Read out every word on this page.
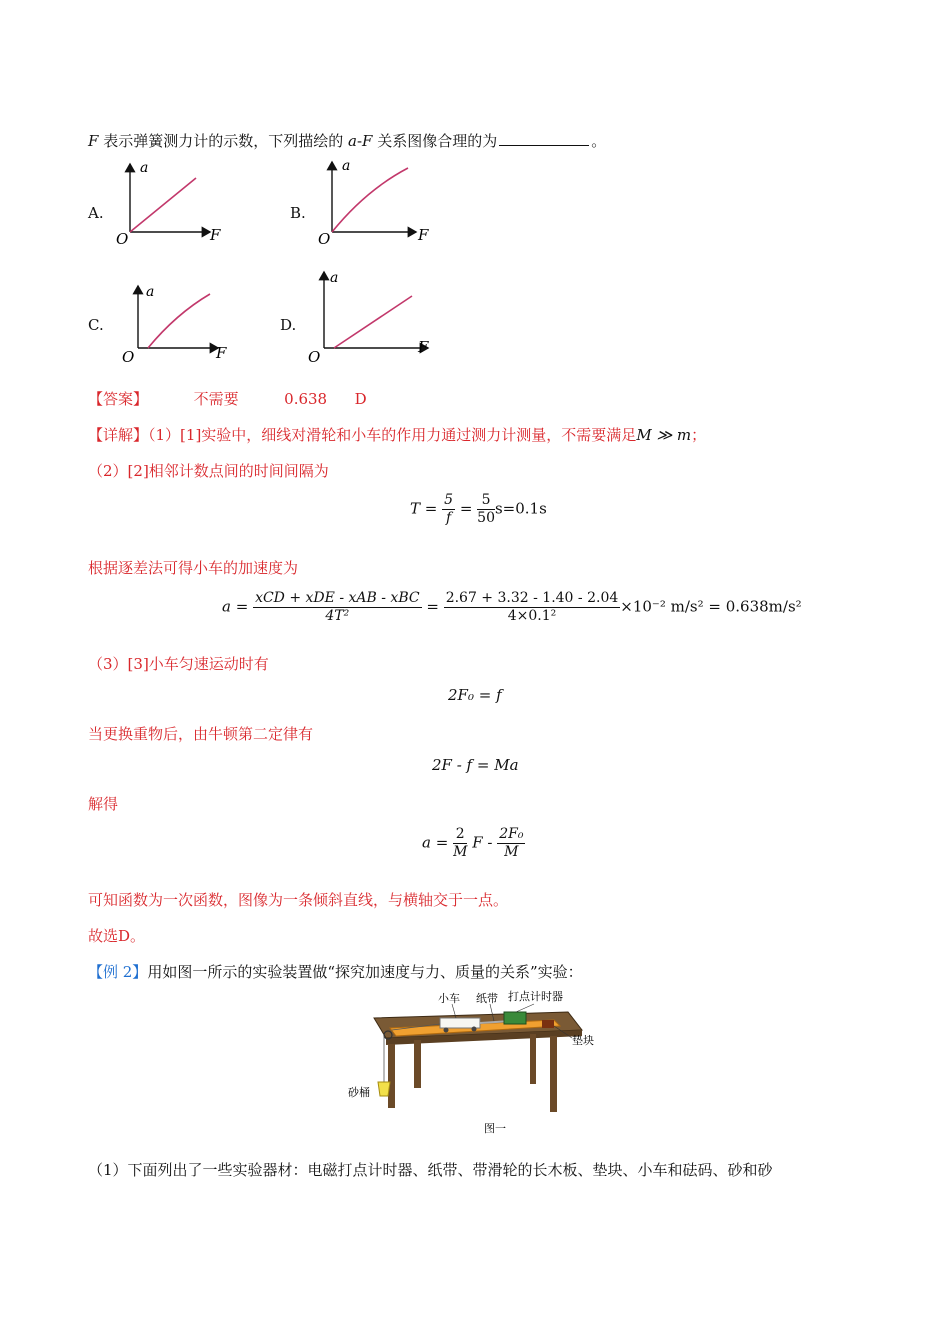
F 表示弹簧测力计的示数，下列描绘的 a-F 关系图像合理的为	。
A.
a
F
O
B.
a
F
O
C.
a
F
O
D.
a
F
O
【答案】	不需要	0.638 D
【详解】（1）[1]实验中，细线对滑轮和小车的作用力通过测力计测量，不需要满足M ≫ m；
（2）[2]相邻计数点间的时间间隔为
$T = \frac{5}{f} = \frac{5}{50} s=0.1s$
根据逐差法可得小车的加速度为
$a = \frac{\text{xCD + xDE - xAB - xBC}}{\text{4T²}} = \frac{2.67 + 3.32 - 1.40 - 2.04}{\text{4×0.1²}} \times 10^{-2}$ m/s² = 0.638m/s²
（3）[3]小车匀速运动时有
2F₀ = f
当更换重物后，由牛顿第二定律有
2F - f = Ma
解得
$a = \frac{2}{M}$ F - $\frac{\text{2F₀}}{M}$
可知函数为一次函数，图像为一条倾斜直线，与横轴交于一点。
故选D。
【例 2】用如图一所示的实验装置做“探究加速度与力、质量的关系”实验：
小车 纸带 打点计时器
垫块
砂桶
图一
（1）下面列出了一些实验器材：电磁打点计时器、纸带、带滑轮的长木板、垫块、小车和砝码、砂和砂
